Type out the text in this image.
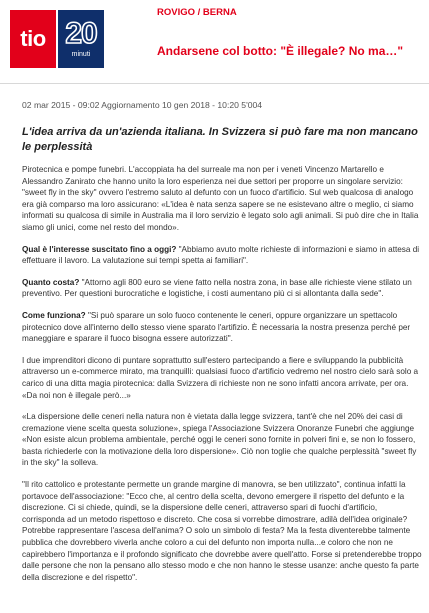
tio 20
minuti
ROVIGO / BERNA
Andarsene col botto: "È illegale? No ma…"
02 mar 2015 - 09:02 Aggiornamento 10 gen 2018 - 10:20 5'004
L'idea arriva da un'azienda italiana. In Svizzera si può fare ma non mancano le perplessità

Pirotecnica e pompe funebri. L'accoppiata ha del surreale ma non per i veneti Vincenzo Martarello e Alessandro Zanirato che hanno unito la loro esperienza nei due settori per proporre un singolare servizio: "sweet fly in the sky" ovvero l'estremo saluto al defunto con un fuoco d'artificio. Sul web qualcosa di analogo era già comparso ma loro assicurano: «L'idea è nata senza sapere se ne esistevano altre o meglio, ci siamo informati su qualcosa di simile in Australia ma il loro servizio è legato solo agli animali. Si può dire che in Italia siamo gli unici, come nel resto del mondo».

Qual è l'interesse suscitato fino a oggi? "Abbiamo avuto molte richieste di informazioni e siamo in attesa di effettuare il lavoro. La valutazione sui tempi spetta ai familiari".

Quanto costa? "Attorno agli 800 euro se viene fatto nella nostra zona, in base alle richieste viene stilato un preventivo. Per questioni burocratiche e logistiche, i costi aumentano più ci si allontanta dalla sede".

Come funziona? "Si può sparare un solo fuoco contenente le ceneri, oppure organizzare un spettacolo pirotecnico dove all'interno dello stesso viene sparato l'artifizio. È necessaria la nostra presenza perché per maneggiare e sparare il fuoco bisogna essere autorizzati".

I due imprenditori dicono di puntare soprattutto sull'estero partecipando a fiere e sviluppando la pubblicità attraverso un e-commerce mirato, ma tranquilli: qualsiasi fuoco d'artificio vedremo nel nostro cielo sarà solo a carico di una ditta magia pirotecnica: dalla Svizzera di richieste non ne sono infatti ancora arrivate, per ora.
«Da noi non è illegale però...»

«La dispersione delle ceneri nella natura non è vietata dalla legge svizzera, tant'è che nel 20% dei casi di cremazione viene scelta questa soluzione», spiega l'Associazione Svizzera Onoranze Funebri che aggiunge «Non esiste alcun problema ambientale, perché oggi le ceneri sono fornite in polveri fini e, se non lo fossero, basta richiederle con la motivazione della loro dispersione». Ciò non toglie che qualche perplessità "sweet fly in the sky" la solleva.

"Il rito cattolico e protestante permette un grande margine di manovra, se ben utilizzato", continua infatti la portavoce dell'associazione: "Ecco che, al centro della scelta, devono emergere il rispetto del defunto e la discrezione. Ci si chiede, quindi, se la dispersione delle ceneri, attraverso spari di fuochi d'artificio, corrisponda ad un metodo rispettoso e discreto. Che cosa si vorrebbe dimostrare, adilà dell'idea originale? Potrebbe rappresentare l'ascesa dell'anima? O solo un simbolo di festa? Ma la festa diventerebbe talmente pubblica che dovrebbero viverla anche coloro a cui del defunto non importa nulla...e coloro che non ne capirebbero l'importanza e il profondo significato che dovrebbe avere quell'atto. Forse si pretenderebbe troppo dalle persone che non la pensano allo stesso modo e che non hanno le stesse usanze: anche questo fa parte della discrezione e del rispetto".
